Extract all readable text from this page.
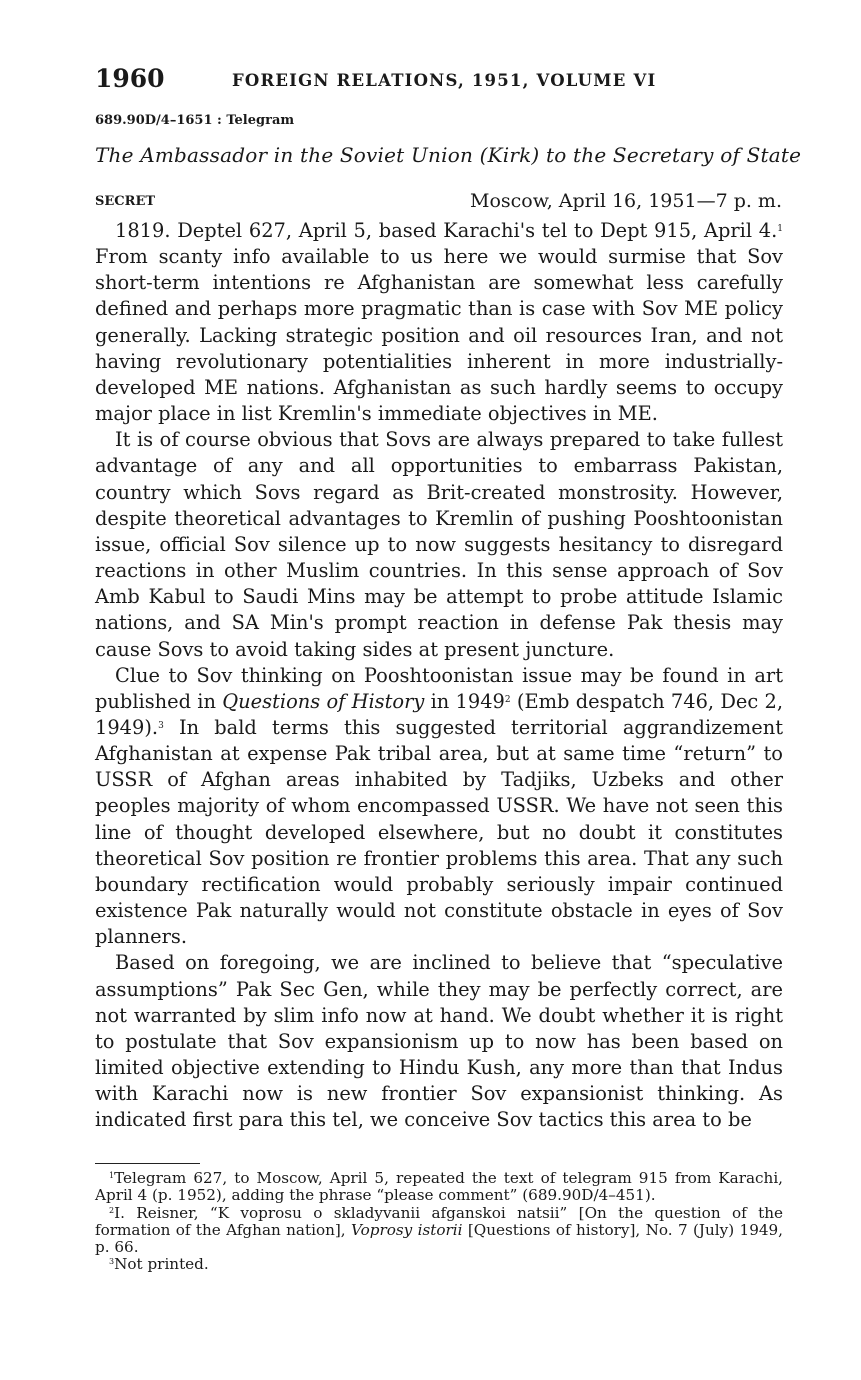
1960	FOREIGN RELATIONS, 1951, VOLUME VI
689.90D/4–1651 : Telegram
The Ambassador in the Soviet Union (Kirk) to the Secretary of State
SECRET	Moscow, April 16, 1951—7 p. m.

1819. Deptel 627, April 5, based Karachi's tel to Dept 915, April 4.$^1$ From scanty info available to us here we would surmise that Sov short-term intentions re Afghanistan are somewhat less carefully defined and perhaps more pragmatic than is case with Sov ME policy generally. Lacking strategic position and oil resources Iran, and not having revolutionary potentialities inherent in more industrially-developed ME nations. Afghanistan as such hardly seems to occupy major place in list Kremlin's immediate objectives in ME.

It is of course obvious that Sovs are always prepared to take fullest advantage of any and all opportunities to embarrass Pakistan, country which Sovs regard as Brit-created monstrosity. However, despite theoretical advantages to Kremlin of pushing Pooshtoonistan issue, official Sov silence up to now suggests hesitancy to disregard reactions in other Muslim countries. In this sense approach of Sov Amb Kabul to Saudi Mins may be attempt to probe attitude Islamic nations, and SA Min's prompt reaction in defense Pak thesis may cause Sovs to avoid taking sides at present juncture.

Clue to Sov thinking on Pooshtoonistan issue may be found in art published in Questions of History in 1949$^2$ (Emb despatch 746, Dec 2, 1949).$^3$ In bald terms this suggested territorial aggrandizement Afghanistan at expense Pak tribal area, but at same time “return” to USSR of Afghan areas inhabited by Tadjiks, Uzbeks and other peoples majority of whom encompassed USSR. We have not seen this line of thought developed elsewhere, but no doubt it constitutes theoretical Sov position re frontier problems this area. That any such boundary rectification would probably seriously impair continued existence Pak naturally would not constitute obstacle in eyes of Sov planners.

Based on foregoing, we are inclined to believe that “speculative assumptions” Pak Sec Gen, while they may be perfectly correct, are not warranted by slim info now at hand. We doubt whether it is right to postulate that Sov expansionism up to now has been based on limited objective extending to Hindu Kush, any more than that Indus with Karachi now is new frontier Sov expansionist thinking. As indicated first para this tel, we conceive Sov tactics this area to be

$^1$Telegram 627, to Moscow, April 5, repeated the text of telegram 915 from Karachi, April 4 (p. 1952), adding the phrase “please comment” (689.90D/4–451).

$^2$I. Reisner, “K voprosu o skladyvanii afganskoi natsii” [On the question of the formation of the Afghan nation], Voprosy istorii [Questions of history], No. 7 (July) 1949, p. 66.

$^3$Not printed.
